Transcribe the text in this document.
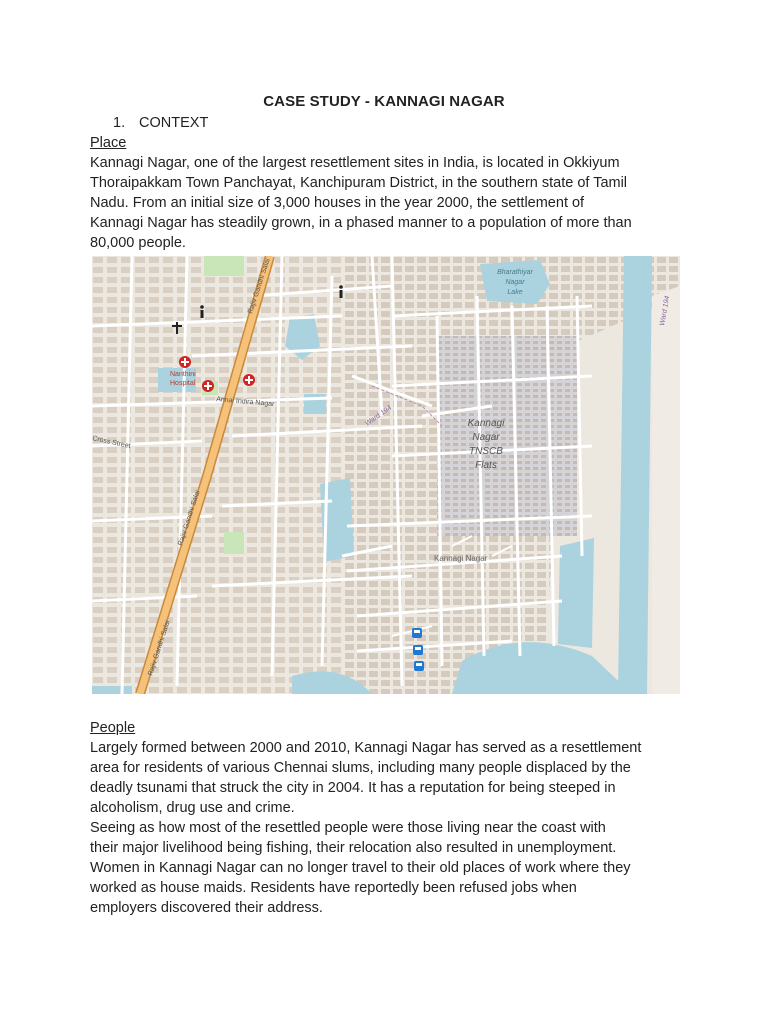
CASE STUDY - KANNAGI NAGAR
1. CONTEXT
Place
Kannagi Nagar, one of the largest resettlement sites in India, is located in Okkiyum
Thoraipakkam Town Panchayat, Kanchipuram District, in the southern state of Tamil
Nadu. From an initial size of 3,000 houses in the year 2000, the settlement of
Kannagi Nagar has steadily grown, in a phased manner to a population of more than
80,000 people.
Bharathiyar
Nagar
Lake
Ward 194
Ward 194	Kannagi
Nagar
TNSCB
Flats
Nanthini
Hospital
Annai Indira Nagar
Cross Street
Rajiv Gandhi Salai
Rajiv Gandhi Salai
Rajiv Gandhi Salai
Kannagi Nagar
People
Largely formed between 2000 and 2010, Kannagi Nagar has served as a resettlement
area for residents of various Chennai slums, including many people displaced by the
deadly tsunami that struck the city in 2004. It has a reputation for being steeped in
alcoholism, drug use and crime.
Seeing as how most of the resettled people were those living near the coast with
their major livelihood being fishing, their relocation also resulted in unemployment.
Women in Kannagi Nagar can no longer travel to their old places of work where they
worked as house maids. Residents have reportedly been refused jobs when
employers discovered their address.
